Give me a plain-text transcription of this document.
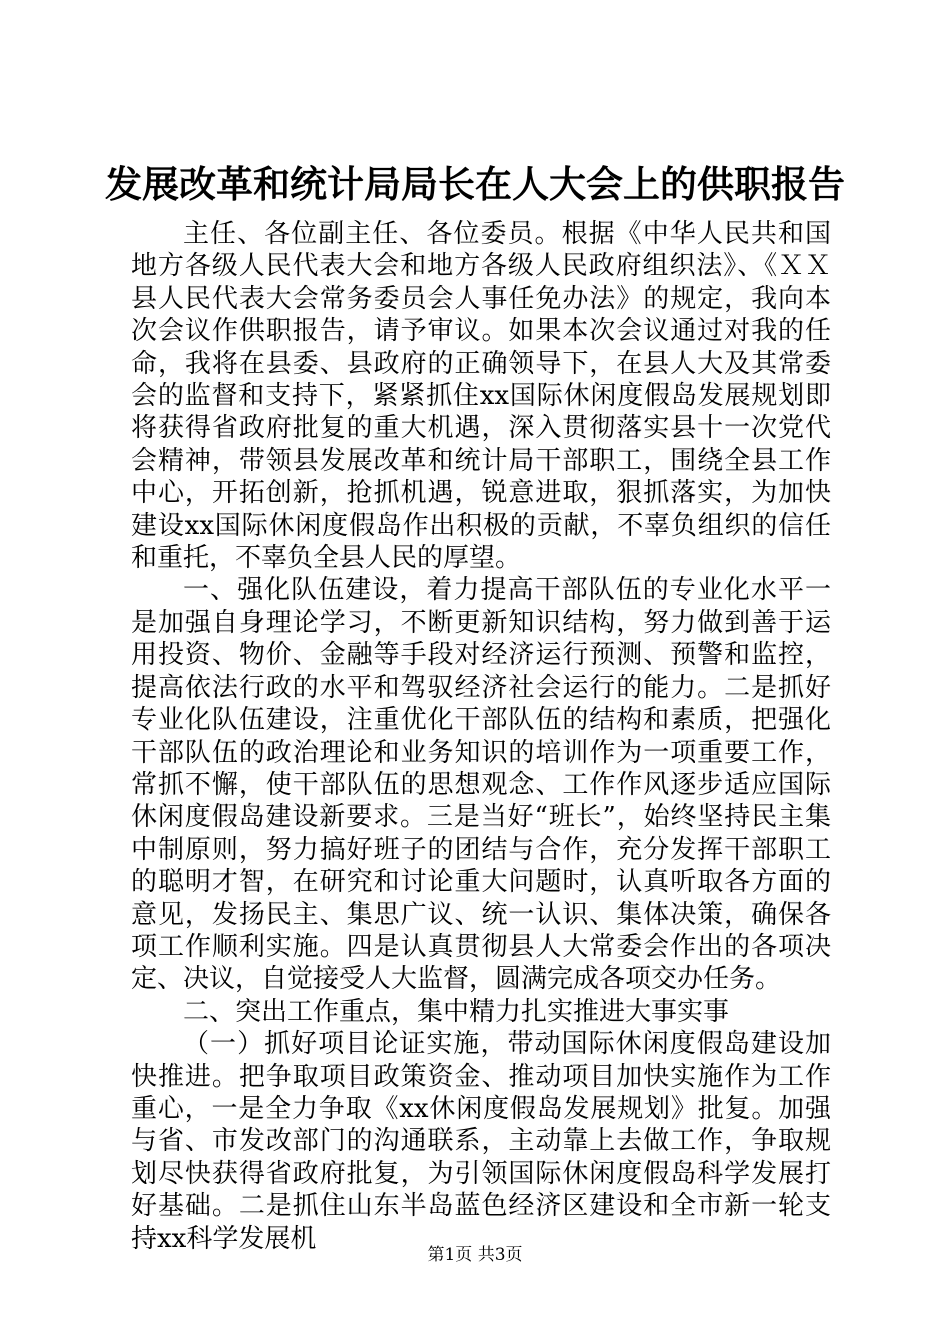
发展改革和统计局局长在人大会上的供职报告

主任、各位副主任、各位委员。根据《中华人民共和国地方各级人民代表大会和地方各级人民政府组织法》、《ＸＸ县人民代表大会常务委员会人事任免办法》的规定，我向本次会议作供职报告，请予审议。如果本次会议通过对我的任命，我将在县委、县政府的正确领导下，在县人大及其常委会的监督和支持下，紧紧抓住xx国际休闲度假岛发展规划即将获得省政府批复的重大机遇，深入贯彻落实县十一次党代会精神，带领县发展改革和统计局干部职工，围绕全县工作中心，开拓创新，抢抓机遇，锐意进取，狠抓落实，为加快建设xx国际休闲度假岛作出积极的贡献，不辜负组织的信任和重托，不辜负全县人民的厚望。

一、强化队伍建设，着力提高干部队伍的专业化水平一是加强自身理论学习，不断更新知识结构，努力做到善于运用投资、物价、金融等手段对经济运行预测、预警和监控，提高依法行政的水平和驾驭经济社会运行的能力。二是抓好专业化队伍建设，注重优化干部队伍的结构和素质，把强化干部队伍的政治理论和业务知识的培训作为一项重要工作，常抓不懈，使干部队伍的思想观念、工作作风逐步适应国际休闲度假岛建设新要求。三是当好“班长”，始终坚持民主集中制原则，努力搞好班子的团结与合作，充分发挥干部职工的聪明才智，在研究和讨论重大问题时，认真听取各方面的意见，发扬民主、集思广议、统一认识、集体决策，确保各项工作顺利实施。四是认真贯彻县人大常委会作出的各项决定、决议，自觉接受人大监督，圆满完成各项交办任务。

二、突出工作重点，集中精力扎实推进大事实事

（一）抓好项目论证实施，带动国际休闲度假岛建设加快推进。把争取项目政策资金、推动项目加快实施作为工作重心，一是全力争取《xx休闲度假岛发展规划》批复。加强与省、市发改部门的沟通联系，主动靠上去做工作，争取规划尽快获得省政府批复，为引领国际休闲度假岛科学发展打好基础。二是抓住山东半岛蓝色经济区建设和全市新一轮支持xx科学发展机

第1页 共3页
